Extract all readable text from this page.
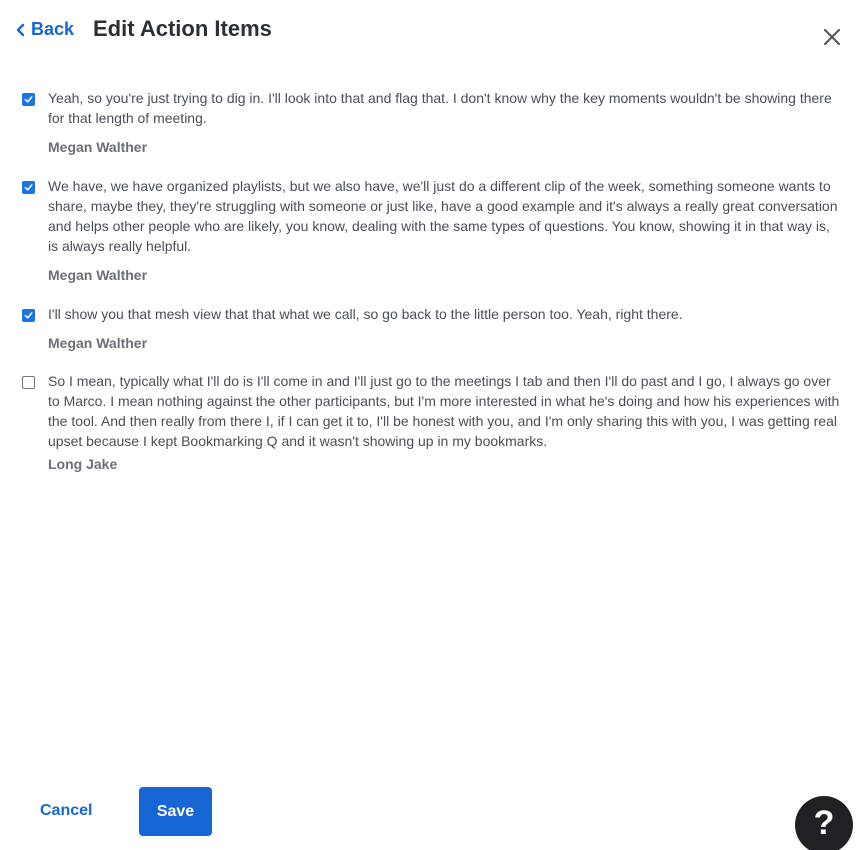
Back Edit Action Items
Yeah, so you're just trying to dig in. I'll look into that and flag that. I don't know why the key moments wouldn't be showing there for that length of meeting.
Megan Walther
We have, we have organized playlists, but we also have, we'll just do a different clip of the week, something someone wants to share, maybe they, they're struggling with someone or just like, have a good example and it's always a really great conversation and helps other people who are likely, you know, dealing with the same types of questions. You know, showing it in that way is, is always really helpful.
Megan Walther
I'll show you that mesh view that that what we call, so go back to the little person too. Yeah, right there.
Megan Walther
So I mean, typically what I'll do is I'll come in and I'll just go to the meetings I tab and then I'll do past and I go, I always go over to Marco. I mean nothing against the other participants, but I'm more interested in what he's doing and how his experiences with the tool. And then really from there I, if I can get it to, I'll be honest with you, and I'm only sharing this with you, I was getting real upset because I kept Bookmarking Q and it wasn't showing up in my bookmarks.
Long Jake
Cancel	Save	?
